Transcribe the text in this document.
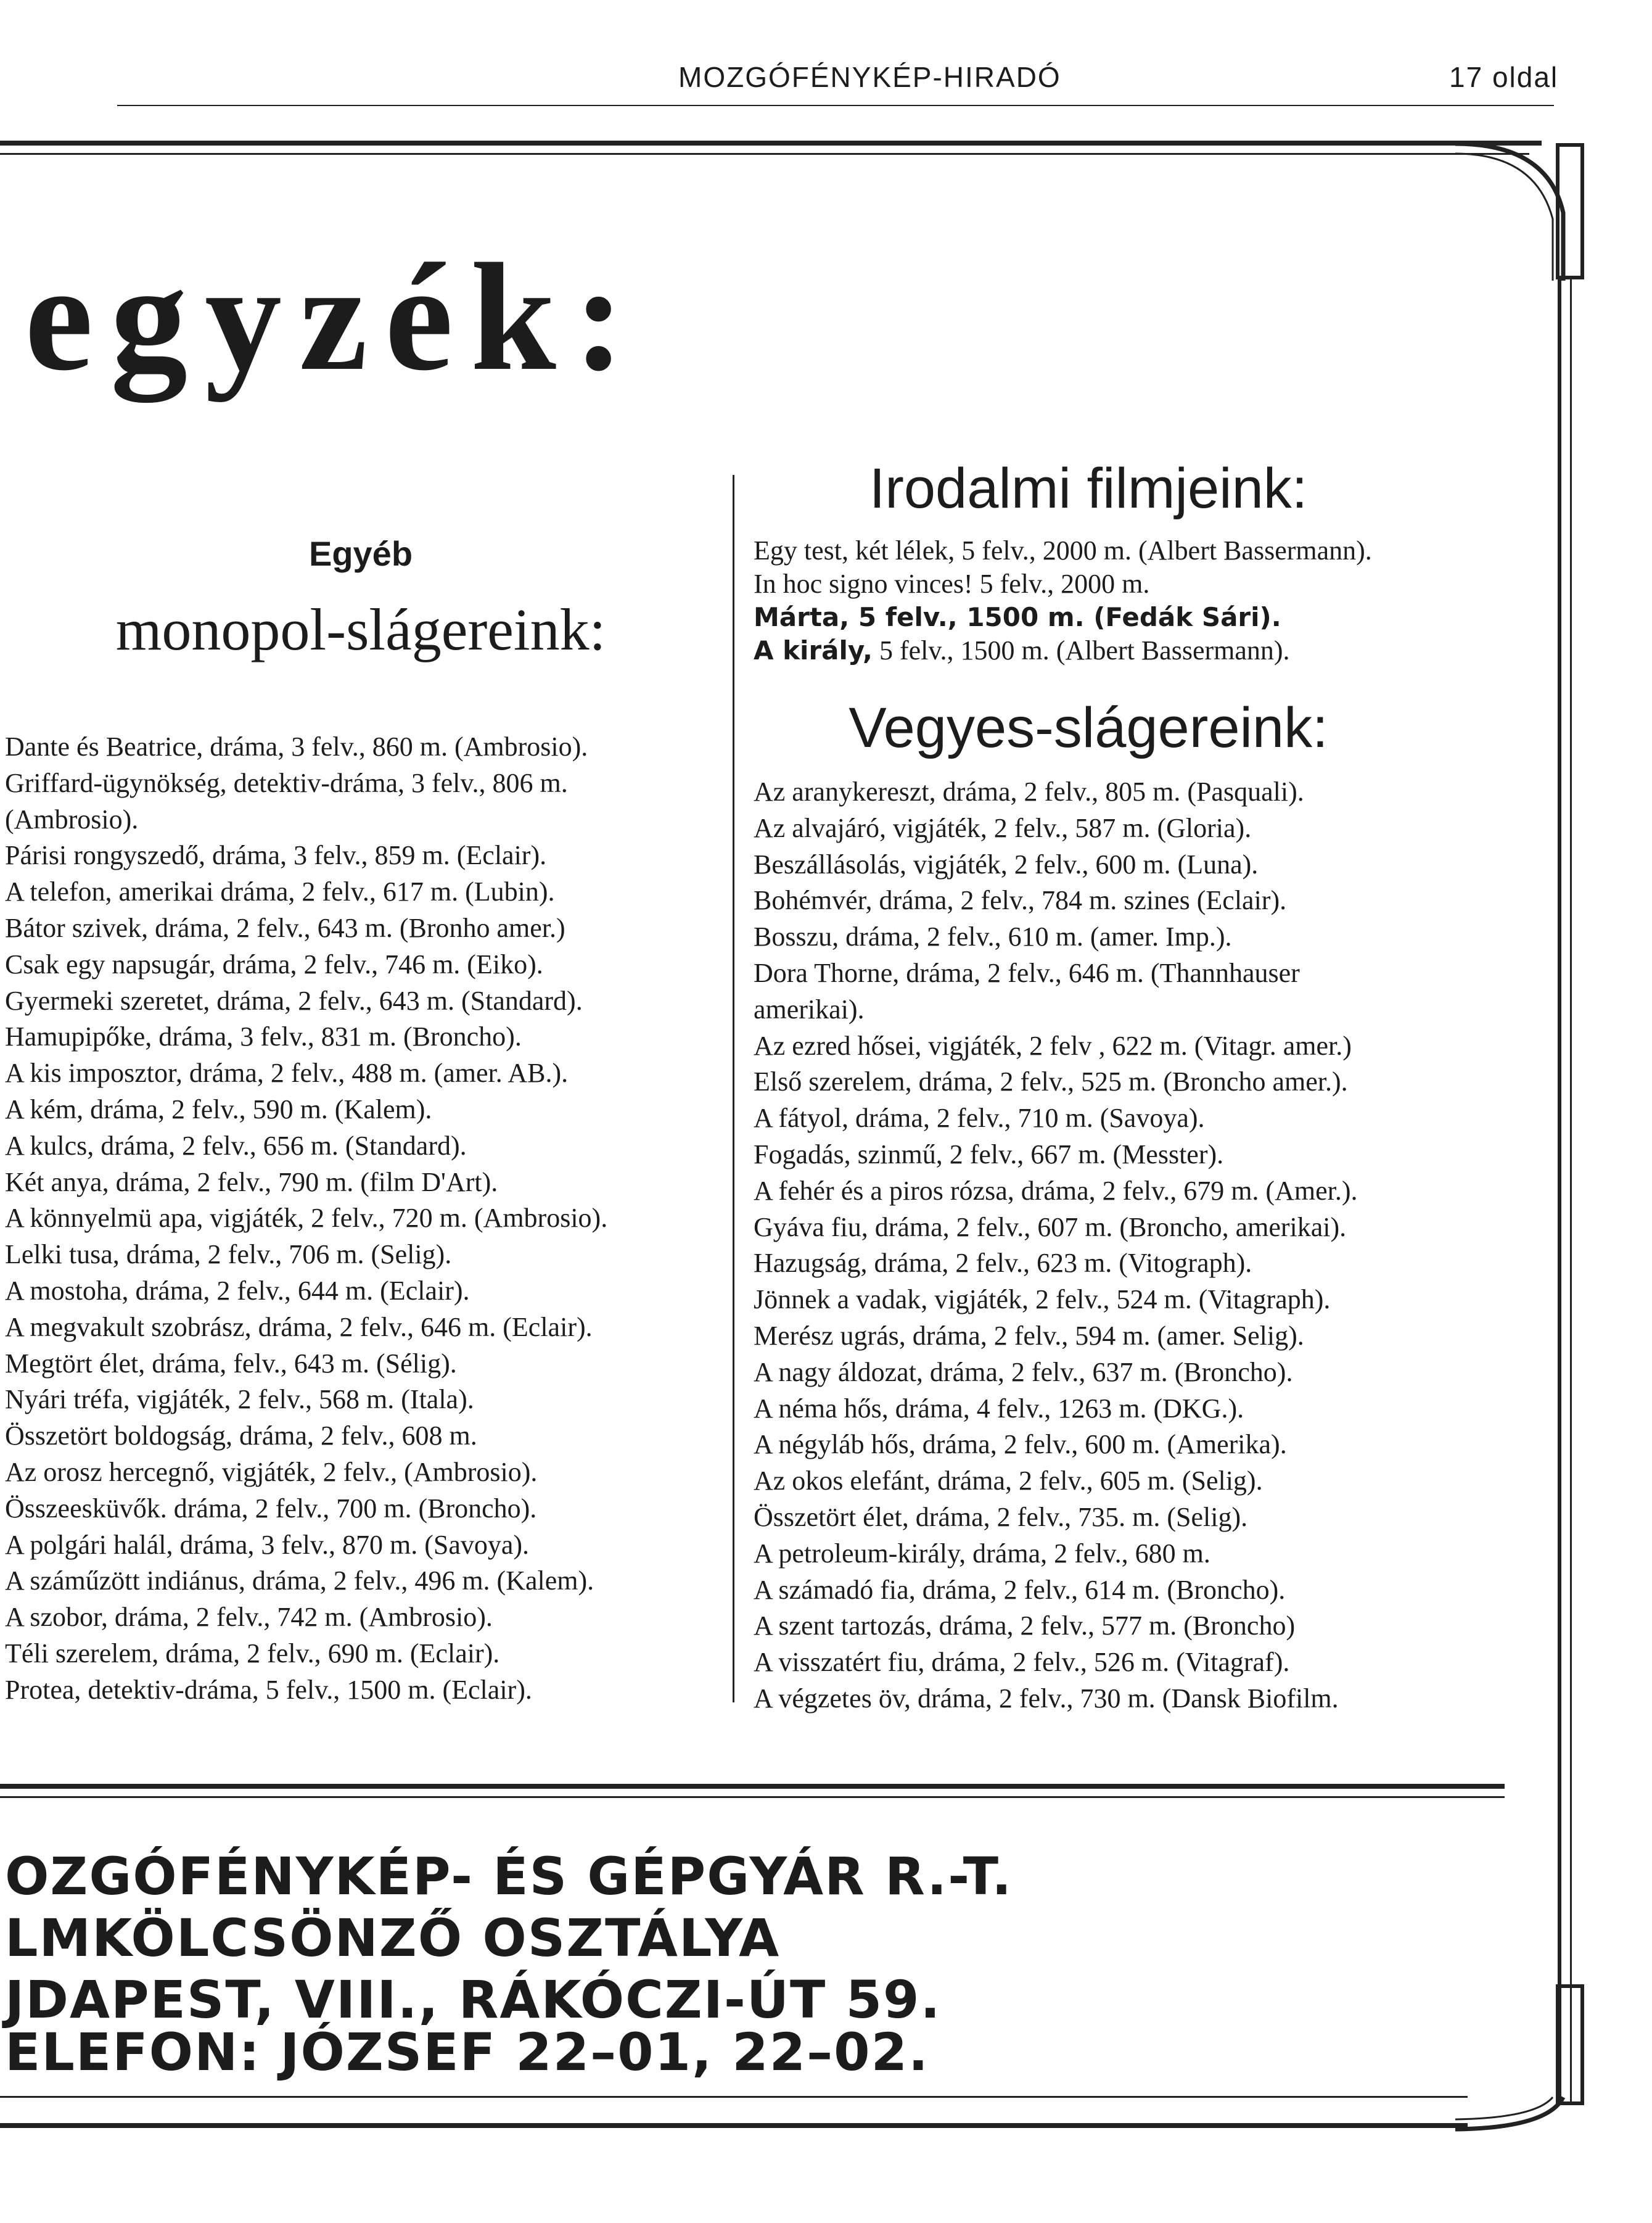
MOZGÓFÉNYKÉP-HIRADÓ	17 oldal
egyzék:
Egyéb
monopol-slágereink:
Dante és Beatrice, dráma, 3 felv., 860 m. (Ambrosio).
Griffard-ügynökség, detektiv-dráma, 3 felv., 806 m.
(Ambrosio).
Párisi rongyszedő, dráma, 3 felv., 859 m. (Eclair).
A telefon, amerikai dráma, 2 felv., 617 m. (Lubin).
Bátor szivek, dráma, 2 felv., 643 m. (Bronho amer.)
Csak egy napsugár, dráma, 2 felv., 746 m. (Eiko).
Gyermeki szeretet, dráma, 2 felv., 643 m. (Standard).
Hamupipőke, dráma, 3 felv., 831 m. (Broncho).
A kis imposztor, dráma, 2 felv., 488 m. (amer. AB.).
A kém, dráma, 2 felv., 590 m. (Kalem).
A kulcs, dráma, 2 felv., 656 m. (Standard).
Két anya, dráma, 2 felv., 790 m. (film D'Art).
A könnyelmü apa, vigjáték, 2 felv., 720 m. (Ambrosio).
Lelki tusa, dráma, 2 felv., 706 m. (Selig).
A mostoha, dráma, 2 felv., 644 m. (Eclair).
A megvakult szobrász, dráma, 2 felv., 646 m. (Eclair).
Megtört élet, dráma, felv., 643 m. (Sélig).
Nyári tréfa, vigjáték, 2 felv., 568 m. (Itala).
Összetört boldogság, dráma, 2 felv., 608 m.
Az orosz hercegnő, vigjáték, 2 felv., (Ambrosio).
Összeesküvők. dráma, 2 felv., 700 m. (Broncho).
A polgári halál, dráma, 3 felv., 870 m. (Savoya).
A száműzött indiánus, dráma, 2 felv., 496 m. (Kalem).
A szobor, dráma, 2 felv., 742 m. (Ambrosio).
Téli szerelem, dráma, 2 felv., 690 m. (Eclair).
Protea, detektiv-dráma, 5 felv., 1500 m. (Eclair).
Irodalmi filmjeink:
Egy test, két lélek, 5 felv., 2000 m. (Albert Bassermann).
In hoc signo vinces! 5 felv., 2000 m.
Márta, 5 felv., 1500 m. (Fedák Sári).
A király, 5 felv., 1500 m. (Albert Bassermann).
Vegyes-slágereink:
Az aranykereszt, dráma, 2 felv., 805 m. (Pasquali).
Az alvajáró, vigjáték, 2 felv., 587 m. (Gloria).
Beszállásolás, vigjáték, 2 felv., 600 m. (Luna).
Bohémvér, dráma, 2 felv., 784 m. szines (Eclair).
Bosszu, dráma, 2 felv., 610 m. (amer. Imp.).
Dora Thorne, dráma, 2 felv., 646 m. (Thannhauser
amerikai).
Az ezred hősei, vigjáték, 2 felv , 622 m. (Vitagr. amer.)
Első szerelem, dráma, 2 felv., 525 m. (Broncho amer.).
A fátyol, dráma, 2 felv., 710 m. (Savoya).
Fogadás, szinmű, 2 felv., 667 m. (Messter).
A fehér és a piros rózsa, dráma, 2 felv., 679 m. (Amer.).
Gyáva fiu, dráma, 2 felv., 607 m. (Broncho, amerikai).
Hazugság, dráma, 2 felv., 623 m. (Vitograph).
Jönnek a vadak, vigjáték, 2 felv., 524 m. (Vitagraph).
Merész ugrás, dráma, 2 felv., 594 m. (amer. Selig).
A nagy áldozat, dráma, 2 felv., 637 m. (Broncho).
A néma hős, dráma, 4 felv., 1263 m. (DKG.).
A négyláb hős, dráma, 2 felv., 600 m. (Amerika).
Az okos elefánt, dráma, 2 felv., 605 m. (Selig).
Összetört élet, dráma, 2 felv., 735. m. (Selig).
A petroleum-király, dráma, 2 felv., 680 m.
A számadó fia, dráma, 2 felv., 614 m. (Broncho).
A szent tartozás, dráma, 2 felv., 577 m. (Broncho)
A visszatért fiu, dráma, 2 felv., 526 m. (Vitagraf).
A végzetes öv, dráma, 2 felv., 730 m. (Dansk Biofilm.
OZGÓFÉNYKÉP- ÉS GÉPGYÁR R.-T.
LMKÖLCSÖNZŐ OSZTÁLYA
JDAPEST, VIII., RÁKÓCZI-ÚT 59.
ELEFON: JÓZSEF 22–01, 22–02.
